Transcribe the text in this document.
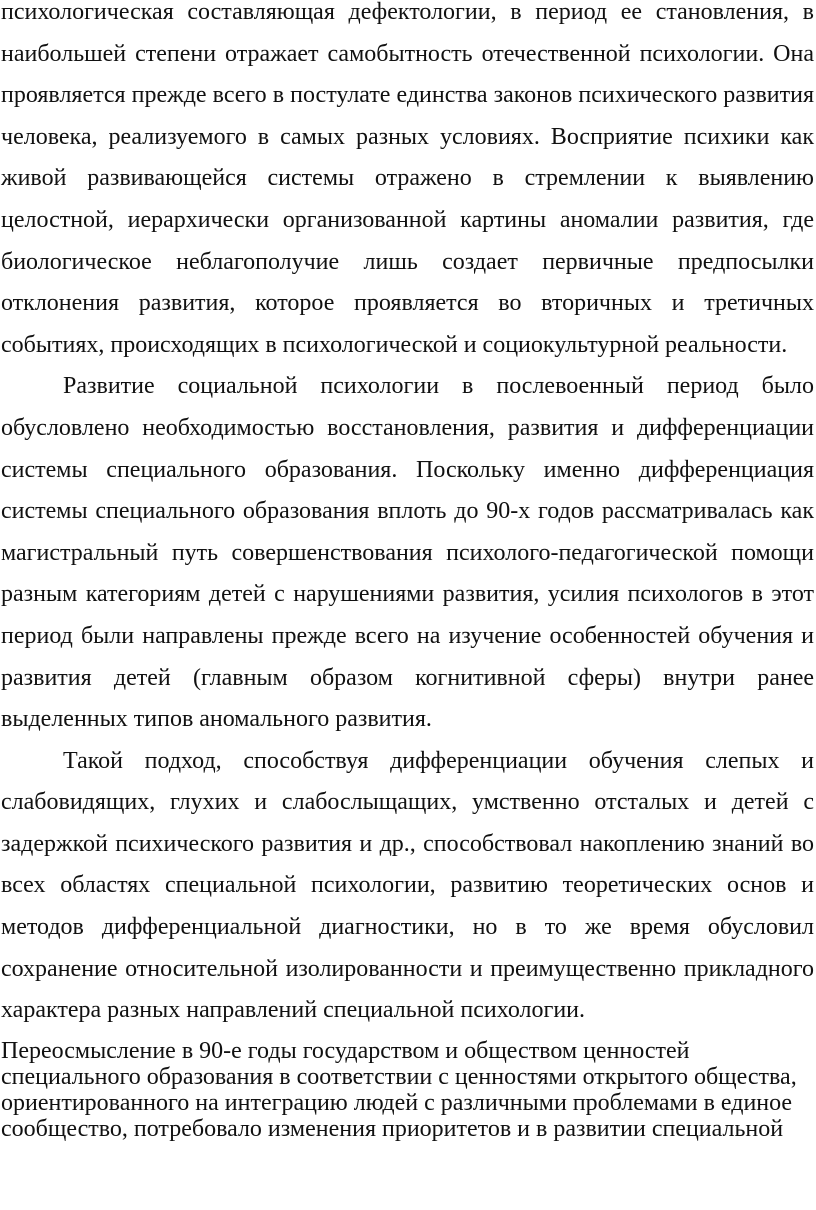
психологическая составляющая дефектологии, в период ее становления, в наибольшей степени отражает самобытность отечественной психологии. Она проявляется прежде всего в постулате единства законов психического развития человека, реализуемого в самых разных условиях. Восприятие психики как живой развивающейся системы отражено в стремлении к выявлению целостной, иерархически организованной картины аномалии развития, где биологическое неблагополучие лишь создает первичные предпосылки отклонения развития, которое проявляется во вторичных и третичных событиях, происходящих в психологической и социокультурной реальности.

Развитие социальной психологии в послевоенный период было обусловлено необходимостью восстановления, развития и дифференциации системы специального образования. Поскольку именно дифференциация системы специального образования вплоть до 90-х годов рассматривалась как магистральный путь совершенствования психолого-педагогической помощи разным категориям детей с нарушениями развития, усилия психологов в этот период были направлены прежде всего на изучение особенностей обучения и развития детей (главным образом когнитивной сферы) внутри ранее выделенных типов аномального развития.

Такой подход, способствуя дифференциации обучения слепых и слабовидящих, глухих и слабослыщащих, умственно отсталых и детей с задержкой психического развития и др., способствовал накоплению знаний во всех областях специальной психологии, развитию теоретических основ и методов дифференциальной диагностики, но в то же время обусловил сохранение относительной изолированности и преимущественно прикладного характера разных направлений специальной психологии.

Переосмысление в 90-е годы государством и обществом ценностей специального образования в соответствии с ценностями открытого общества, ориентированного на интеграцию людей с различными проблемами в единое сообщество, потребовало изменения приоритетов и в развитии специальной
